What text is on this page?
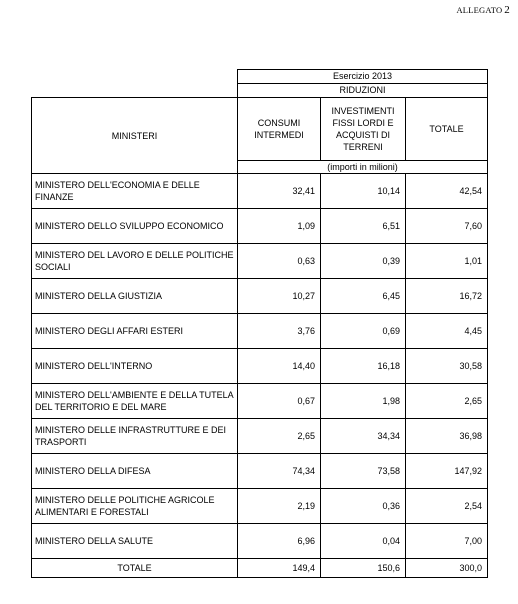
ALLEGATO 2
	Esercizio 2013		
	RIDUZIONI		
MINISTERI	CONSUMI INTERMEDI	INVESTIMENTI FISSI LORDI E ACQUISTI DI TERRENI	TOTALE
	(importi in milioni)		
MINISTERO DELL'ECONOMIA E DELLE FINANZE	32,41	10,14	42,54
MINISTERO DELLO SVILUPPO ECONOMICO	1,09	6,51	7,60
MINISTERO DEL LAVORO E DELLE POLITICHE SOCIALI	0,63	0,39	1,01
MINISTERO DELLA GIUSTIZIA	10,27	6,45	16,72
MINISTERO DEGLI AFFARI ESTERI	3,76	0,69	4,45
MINISTERO DELL'INTERNO	14,40	16,18	30,58
MINISTERO DELL'AMBIENTE E DELLA TUTELA DEL TERRITORIO E DEL MARE	0,67	1,98	2,65
MINISTERO DELLE INFRASTRUTTURE E DEI TRASPORTI	2,65	34,34	36,98
MINISTERO DELLA DIFESA	74,34	73,58	147,92
MINISTERO DELLE POLITICHE AGRICOLE ALIMENTARI E FORESTALI	2,19	0,36	2,54
MINISTERO DELLA SALUTE	6,96	0,04	7,00
TOTALE	149,4	150,6	300,0
